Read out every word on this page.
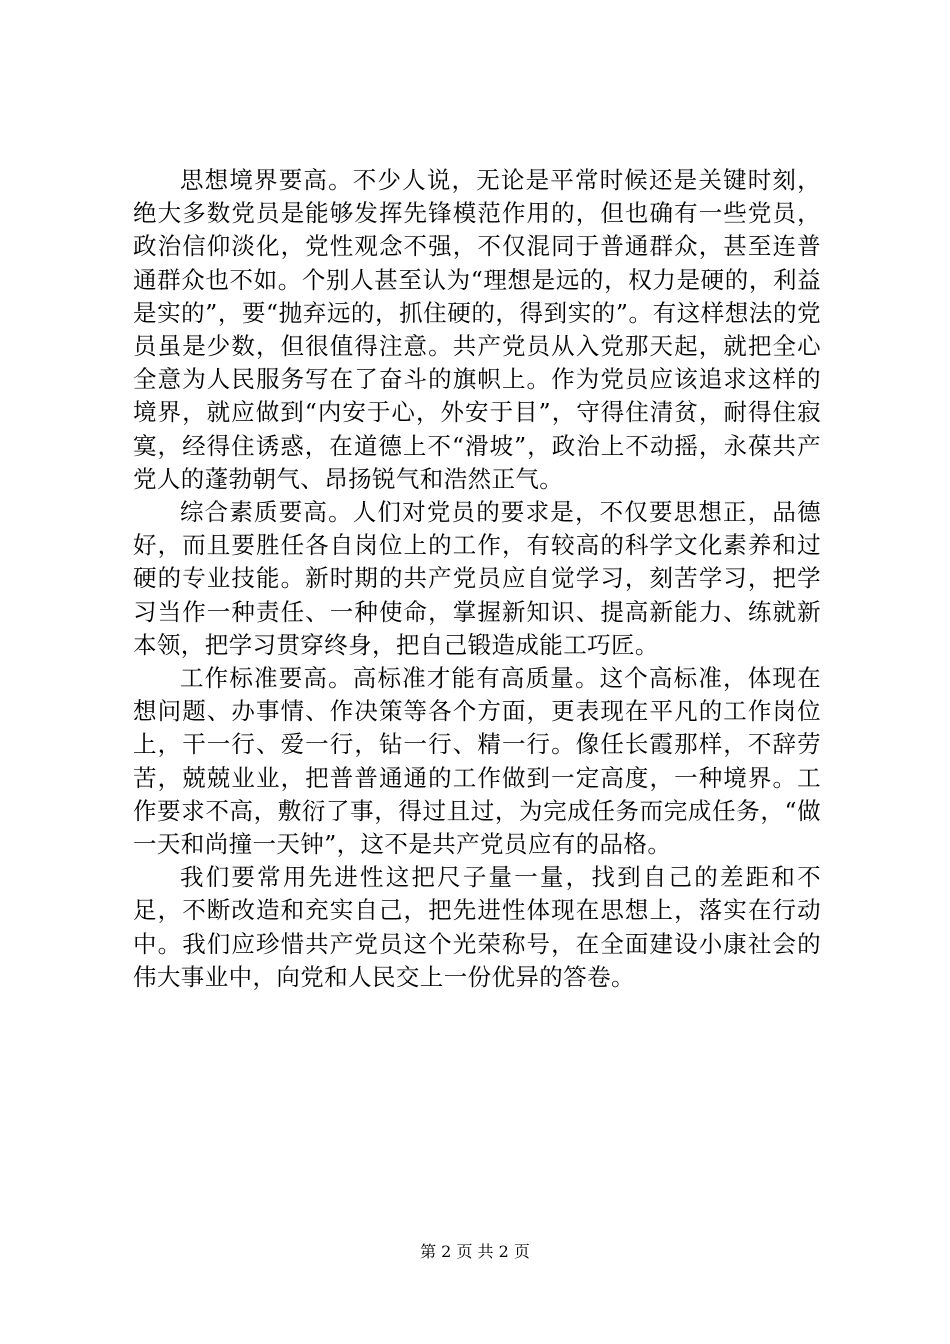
思想境界要高。不少人说，无论是平常时候还是关键时刻，绝大多数党员是能够发挥先锋模范作用的，但也确有一些党员，政治信仰淡化，党性观念不强，不仅混同于普通群众，甚至连普通群众也不如。个别人甚至认为“理想是远的，权力是硬的，利益是实的”，要“抛弃远的，抓住硬的，得到实的”。有这样想法的党员虽是少数，但很值得注意。共产党员从入党那天起，就把全心全意为人民服务写在了奋斗的旗帜上。作为党员应该追求这样的境界，就应做到“内安于心，外安于目”，守得住清贫，耐得住寂寞，经得住诱惑，在道德上不“滑坡”，政治上不动摇，永葆共产党人的蓬勃朝气、昂扬锐气和浩然正气。

综合素质要高。人们对党员的要求是，不仅要思想正，品德好，而且要胜任各自岗位上的工作，有较高的科学文化素养和过硬的专业技能。新时期的共产党员应自觉学习，刻苦学习，把学习当作一种责任、一种使命，掌握新知识、提高新能力、练就新本领，把学习贯穿终身，把自己锻造成能工巧匠。

工作标准要高。高标准才能有高质量。这个高标准，体现在想问题、办事情、作决策等各个方面，更表现在平凡的工作岗位上，干一行、爱一行，钻一行、精一行。像任长霞那样，不辞劳苦，兢兢业业，把普普通通的工作做到一定高度，一种境界。工作要求不高，敷衍了事，得过且过，为完成任务而完成任务，“做一天和尚撞一天钟”，这不是共产党员应有的品格。

我们要常用先进性这把尺子量一量，找到自己的差距和不足，不断改造和充实自己，把先进性体现在思想上，落实在行动中。我们应珍惜共产党员这个光荣称号，在全面建设小康社会的伟大事业中，向党和人民交上一份优异的答卷。

第 2 页 共 2 页
